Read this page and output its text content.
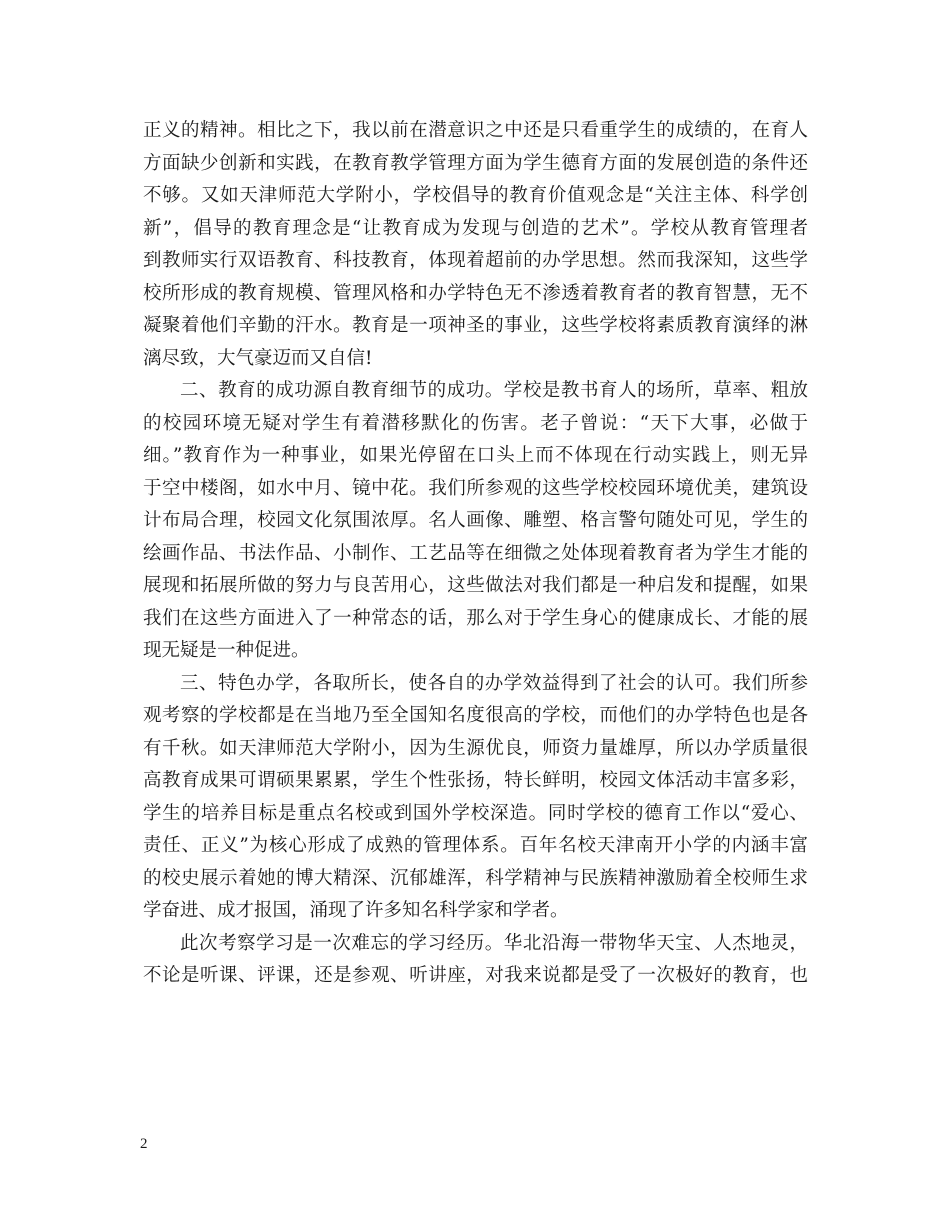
正义的精神。相比之下，我以前在潜意识之中还是只看重学生的成绩的，在育人
方面缺少创新和实践，在教育教学管理方面为学生德育方面的发展创造的条件还
不够。又如天津师范大学附小，学校倡导的教育价值观念是“关注主体、科学创
新”，倡导的教育理念是“让教育成为发现与创造的艺术”。学校从教育管理者
到教师实行双语教育、科技教育，体现着超前的办学思想。然而我深知，这些学
校所形成的教育规模、管理风格和办学特色无不渗透着教育者的教育智慧，无不
凝聚着他们辛勤的汗水。教育是一项神圣的事业，这些学校将素质教育演绎的淋
漓尽致，大气豪迈而又自信!
二、教育的成功源自教育细节的成功。学校是教书育人的场所，草率、粗放
的校园环境无疑对学生有着潜移默化的伤害。老子曾说：“天下大事，必做于
细。”教育作为一种事业，如果光停留在口头上而不体现在行动实践上，则无异
于空中楼阁，如水中月、镜中花。我们所参观的这些学校校园环境优美，建筑设
计布局合理，校园文化氛围浓厚。名人画像、雕塑、格言警句随处可见，学生的
绘画作品、书法作品、小制作、工艺品等在细微之处体现着教育者为学生才能的
展现和拓展所做的努力与良苦用心，这些做法对我们都是一种启发和提醒，如果
我们在这些方面进入了一种常态的话，那么对于学生身心的健康成长、才能的展
现无疑是一种促进。
三、特色办学，各取所长，使各自的办学效益得到了社会的认可。我们所参
观考察的学校都是在当地乃至全国知名度很高的学校，而他们的办学特色也是各
有千秋。如天津师范大学附小，因为生源优良，师资力量雄厚，所以办学质量很
高教育成果可谓硕果累累，学生个性张扬，特长鲜明，校园文体活动丰富多彩，
学生的培养目标是重点名校或到国外学校深造。同时学校的德育工作以“爱心、
责任、正义”为核心形成了成熟的管理体系。百年名校天津南开小学的内涵丰富
的校史展示着她的博大精深、沉郁雄浑，科学精神与民族精神激励着全校师生求
学奋进、成才报国，涌现了许多知名科学家和学者。
此次考察学习是一次难忘的学习经历。华北沿海一带物华天宝、人杰地灵，
不论是听课、评课，还是参观、听讲座，对我来说都是受了一次极好的教育，也
2
